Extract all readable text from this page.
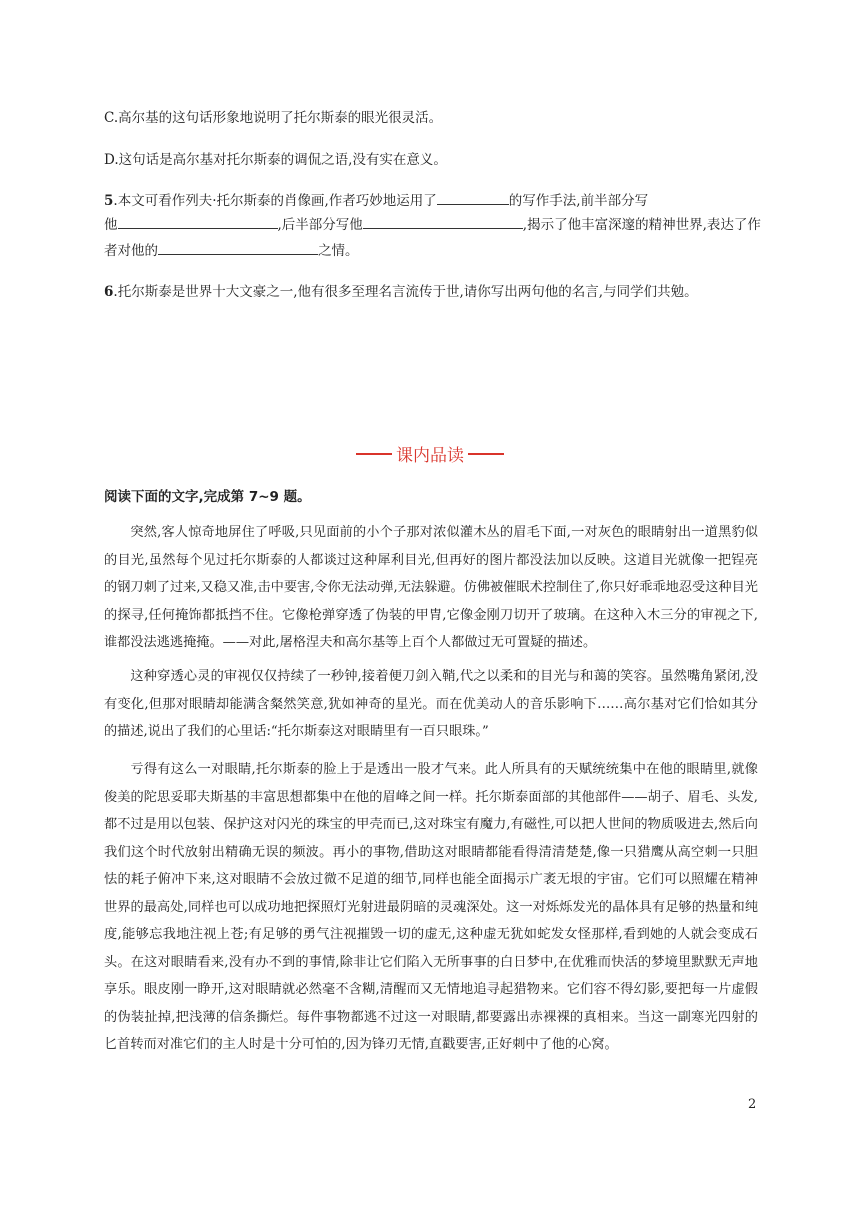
C.高尔基的这句话形象地说明了托尔斯泰的眼光很灵活。
D.这句话是高尔基对托尔斯泰的调侃之语,没有实在意义。
5.本文可看作列夫·托尔斯泰的肖像画,作者巧妙地运用了	的写作手法,前半部分写
他	,后半部分写他	,揭示了他丰富深邃的精神世界,表达了作
者对他的	之情。
6.托尔斯泰是世界十大文豪之一,他有很多至理名言流传于世,请你写出两句他的名言,与同学们共勉。
课内品读
阅读下面的文字,完成第 7~9 题。
突然,客人惊奇地屏住了呼吸,只见面前的小个子那对浓似灌木丛的眉毛下面,一对灰色的眼睛射出一道黑豹似的目光,虽然每个见过托尔斯泰的人都谈过这种犀利目光,但再好的图片都没法加以反映。这道目光就像一把锃亮的钢刀刺了过来,又稳又准,击中要害,令你无法动弹,无法躲避。仿佛被催眠术控制住了,你只好乖乖地忍受这种目光的探寻,任何掩饰都抵挡不住。它像枪弹穿透了伪装的甲胄,它像金刚刀切开了玻璃。在这种入木三分的审视之下,谁都没法逃逃掩掩。——对此,屠格涅夫和高尔基等上百个人都做过无可置疑的描述。
这种穿透心灵的审视仅仅持续了一秒钟,接着便刀剑入鞘,代之以柔和的目光与和蔼的笑容。虽然嘴角紧闭,没有变化,但那对眼睛却能满含粲然笑意,犹如神奇的星光。而在优美动人的音乐影响下……高尔基对它们恰如其分的描述,说出了我们的心里话:“托尔斯泰这对眼睛里有一百只眼珠。”
亏得有这么一对眼睛,托尔斯泰的脸上于是透出一股才气来。此人所具有的天赋统统集中在他的眼睛里,就像俊美的陀思妥耶夫斯基的丰富思想都集中在他的眉峰之间一样。托尔斯泰面部的其他部件——胡子、眉毛、头发,都不过是用以包装、保护这对闪光的珠宝的甲壳而已,这对珠宝有魔力,有磁性,可以把人世间的物质吸进去,然后向我们这个时代放射出精确无误的频波。再小的事物,借助这对眼睛都能看得清清楚楚,像一只猎鹰从高空刺一只胆怯的耗子俯冲下来,这对眼睛不会放过微不足道的细节,同样也能全面揭示广袤无垠的宇宙。它们可以照耀在精神世界的最高处,同样也可以成功地把探照灯光射进最阴暗的灵魂深处。这一对烁烁发光的晶体具有足够的热量和纯度,能够忘我地注视上苍;有足够的勇气注视摧毁一切的虚无,这种虚无犹如蛇发女怪那样,看到她的人就会变成石头。在这对眼睛看来,没有办不到的事情,除非让它们陷入无所事事的白日梦中,在优雅而快活的梦境里默默无声地享乐。眼皮刚一睁开,这对眼睛就必然毫不含糊,清醒而又无情地追寻起猎物来。它们容不得幻影,要把每一片虚假的伪装扯掉,把浅薄的信条撕烂。每件事物都逃不过这一对眼睛,都要露出赤裸裸的真相来。当这一副寒光四射的匕首转而对准它们的主人时是十分可怕的,因为锋刃无情,直戳要害,正好刺中了他的心窝。
2
